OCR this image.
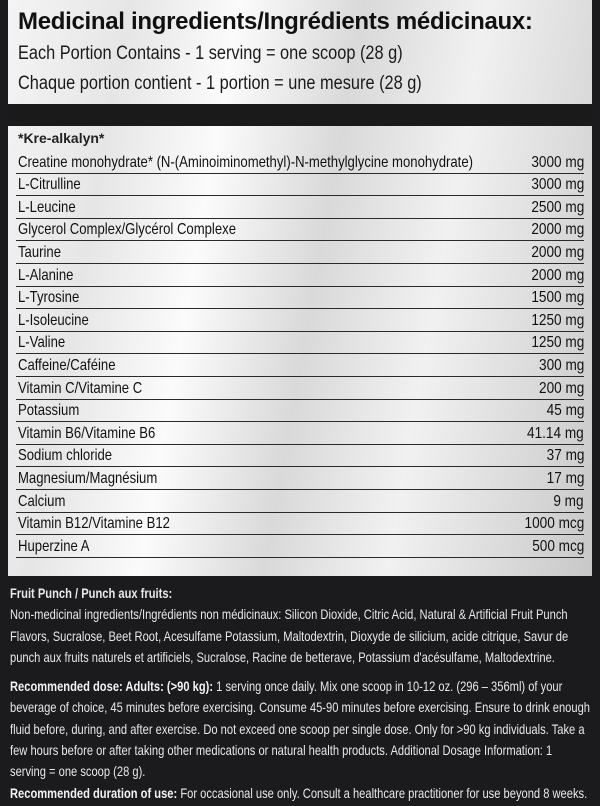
Medicinal ingredients/Ingrédients médicinaux:
Each Portion Contains - 1 serving = one scoop (28 g)
Chaque portion contient - 1 portion = une mesure (28 g)
*Kre-alkalyn*
Creatine monohydrate* (N-(Aminoiminomethyl)-N-methylglycine monohydrate)	3000 mg
L-Citrulline	3000 mg
L-Leucine	2500 mg
Glycerol Complex/Glycérol Complexe	2000 mg
Taurine	2000 mg
L-Alanine	2000 mg
L-Tyrosine	1500 mg
L-Isoleucine	1250 mg
L-Valine	1250 mg
Caffeine/Caféine	300 mg
Vitamin C/Vitamine C	200 mg
Potassium	45 mg
Vitamin B6/Vitamine B6	41.14 mg
Sodium chloride	37 mg
Magnesium/Magnésium	17 mg
Calcium	9 mg
Vitamin B12/Vitamine B12	1000 mcg
Huperzine A	500 mcg

Fruit Punch / Punch aux fruits:

Non-medicinal ingredients/Ingrédients non médicinaux: Silicon Dioxide, Citric Acid, Natural & Artificial Fruit Punch Flavors, Sucralose, Beet Root, Acesulfame Potassium, Maltodextrin, Dioxyde de silicium, acide citrique, Savur de punch aux fruits naturels et artificiels, Sucralose, Racine de betterave, Potassium d'acésulfame, Maltodextrine.

Recommended dose: Adults: (>90 kg): 1 serving once daily. Mix one scoop in 10-12 oz. (296 – 356ml) of your beverage of choice, 45 minutes before exercising. Consume 45-90 minutes before exercising. Ensure to drink enough fluid before, during, and after exercise. Do not exceed one scoop per single dose. Only for >90 kg individuals. Take a few hours before or after taking other medications or natural health products. Additional Dosage Information: 1 serving = one scoop (28 g).

Recommended duration of use: For occasional use only. Consult a healthcare practitioner for use beyond 8 weeks.
